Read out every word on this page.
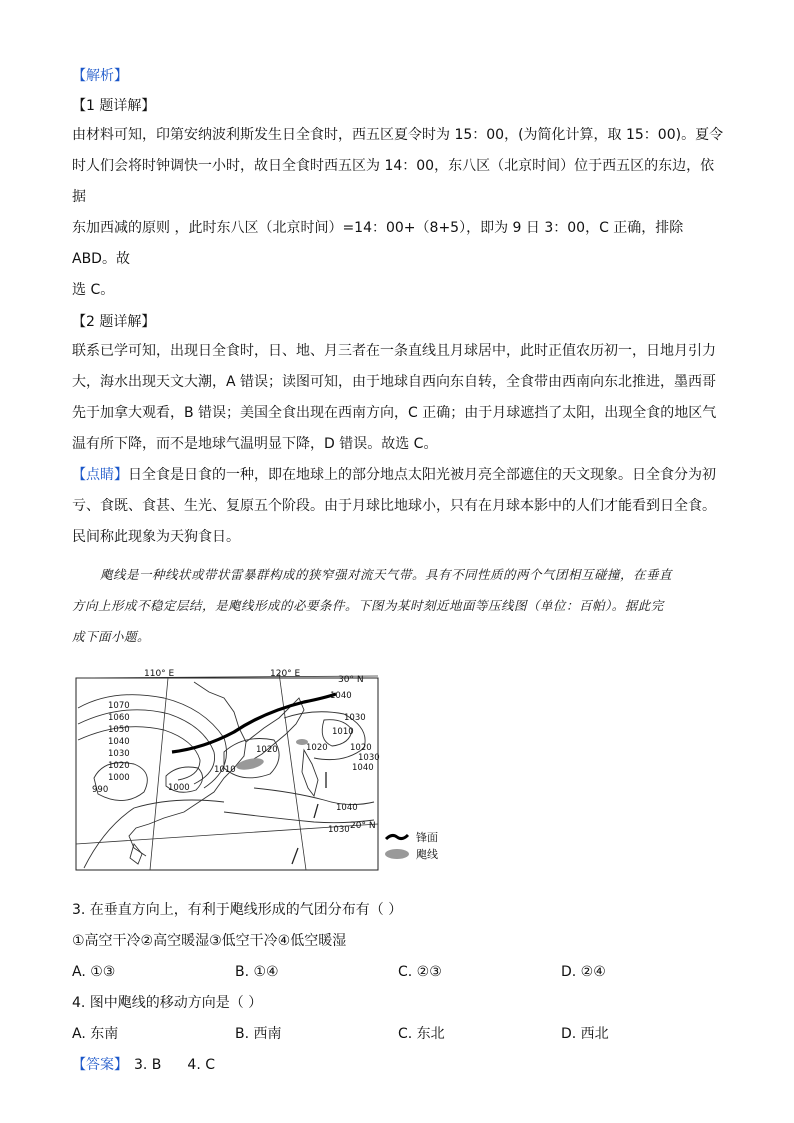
【解析】

【1 题详解】

由材料可知，印第安纳波利斯发生日全食时，西五区夏令时为 15：00，(为简化计算，取 15：00)。夏令

时人们会将时钟调快一小时，故日全食时西五区为 14：00，东八区（北京时间）位于西五区的东边，依据

东加西减的原则 ，此时东八区（北京时间）=14：00+（8+5），即为 9 日 3：00，C 正确，排除 ABD。故

选 C。

【2 题详解】

联系已学可知，出现日全食时，日、地、月三者在一条直线且月球居中，此时正值农历初一，日地月引力

大，海水出现天文大潮，A 错误；读图可知，由于地球自西向东自转，全食带由西南向东北推进，墨西哥

先于加拿大观看，B 错误；美国全食出现在西南方向，C 正确；由于月球遮挡了太阳，出现全食的地区气

温有所下降，而不是地球气温明显下降，D 错误。故选 C。

【点睛】日全食是日食的一种，即在地球上的部分地点太阳光被月亮全部遮住的天文现象。日全食分为初

亏、食既、食甚、生光、复原五个阶段。由于月球比地球小，只有在月球本影中的人们才能看到日全食。

民间称此现象为天狗食日。

飑线是一种线状或带状雷暴群构成的狭窄强对流天气带。具有不同性质的两个气团相互碰撞，在垂直

方向上形成不稳定层结，是飑线形成的必要条件。下图为某时刻近地面等压线图（单位：百帕）。据此完

成下面小题。

110° E	120° E
30° N
20° N
1070
1060
1050
1040
1030
1020
1000
990	1000
1010
1020	1020
1040
1030
1010
1020
1030
1040
1040
1030
锋面
飑线

3. 在垂直方向上，有利于飑线形成的气团分布有（ ）

①高空干冷②高空暖湿③低空干冷④低空暖湿

A. ①③	B. ①④	C. ②③	D. ②④

4. 图中飑线的移动方向是（ ）

A. 东南	B. 西南	C. 东北	D. 西北

【答案】 3. B 4. C
